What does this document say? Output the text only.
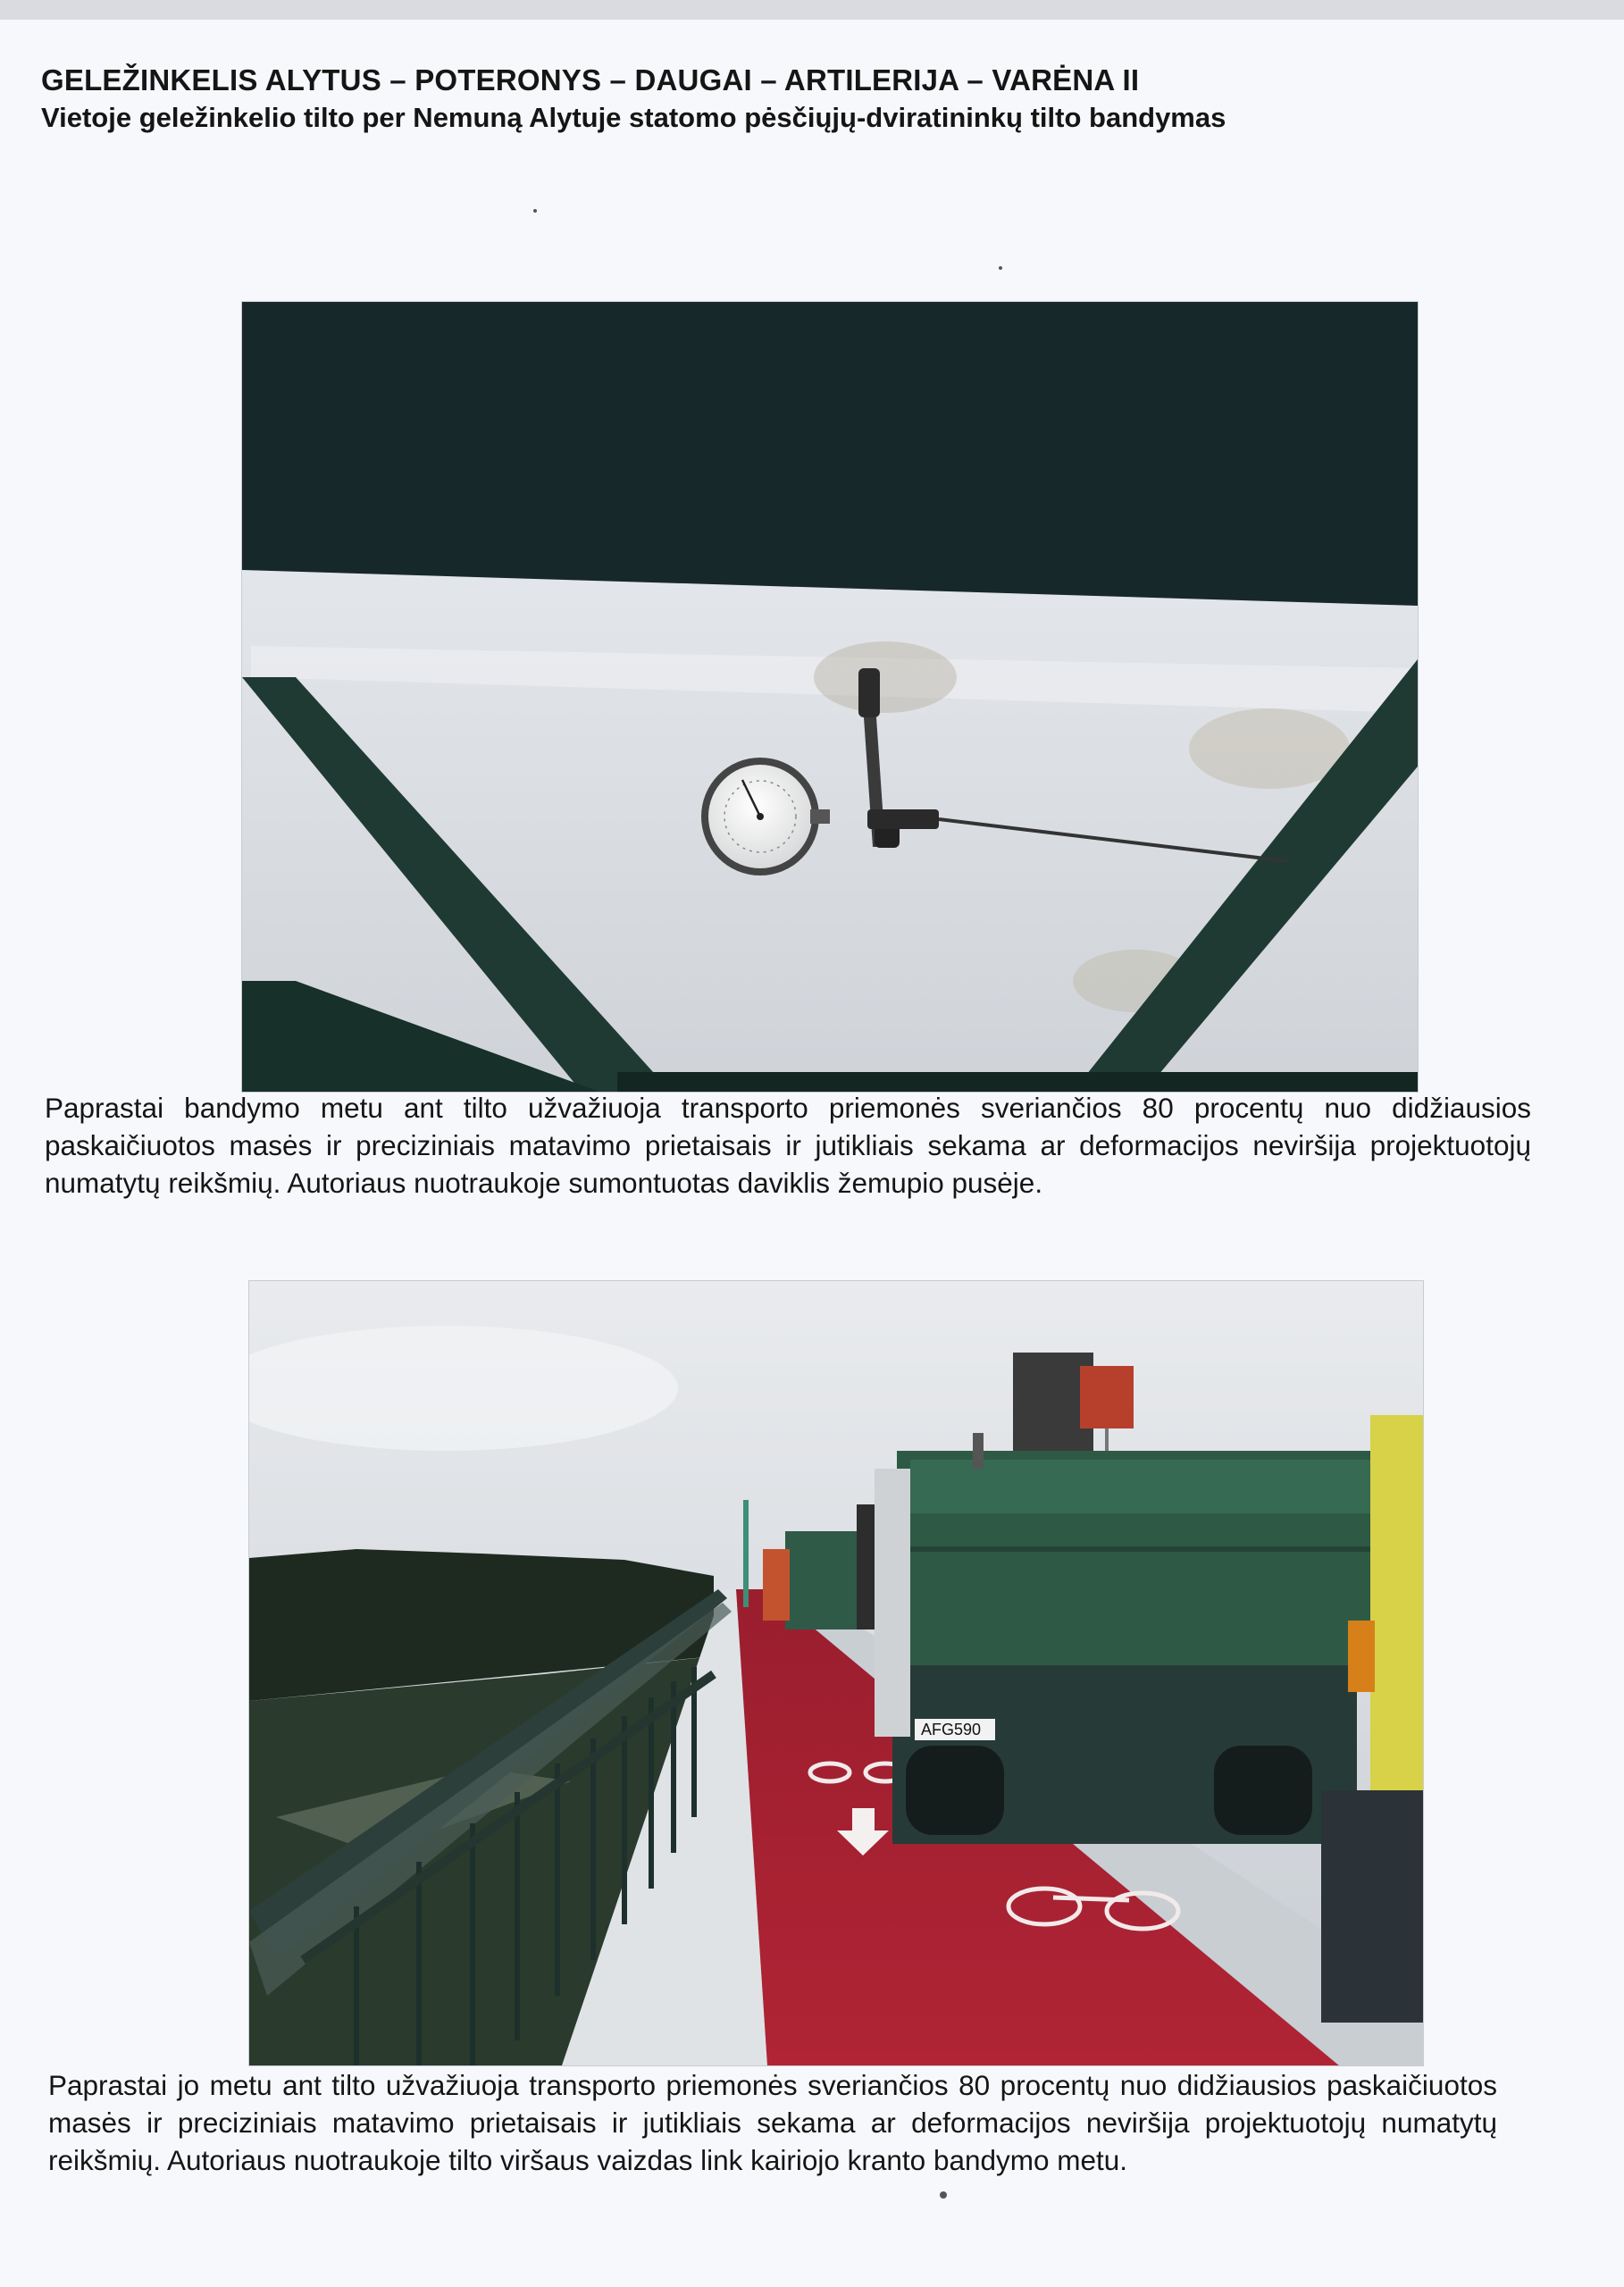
GELEŽINKELIS ALYTUS – POTERONYS – DAUGAI – ARTILERIJA – VARĖNA II

Vietoje geležinkelio tilto per Nemuną Alytuje statomo pėsčiųjų-dviratininkų tilto bandymas

Paprastai bandymo metu ant tilto užvažiuoja transporto priemonės sveriančios 80 procentų nuo didžiausios paskaičiuotos masės ir preciziniais matavimo prietaisais ir jutikliais sekama ar deformacijos neviršija projektuotojų numatytų reikšmių. Autoriaus nuotraukoje sumontuotas daviklis žemupio pusėje.

AFG590

Paprastai jo metu ant tilto užvažiuoja transporto priemonės sveriančios 80 procentų nuo didžiausios paskaičiuotos masės ir preciziniais matavimo prietaisais ir jutikliais sekama ar deformacijos neviršija projektuotojų numatytų reikšmių. Autoriaus nuotraukoje tilto viršaus vaizdas link kairiojo kranto bandymo metu.
